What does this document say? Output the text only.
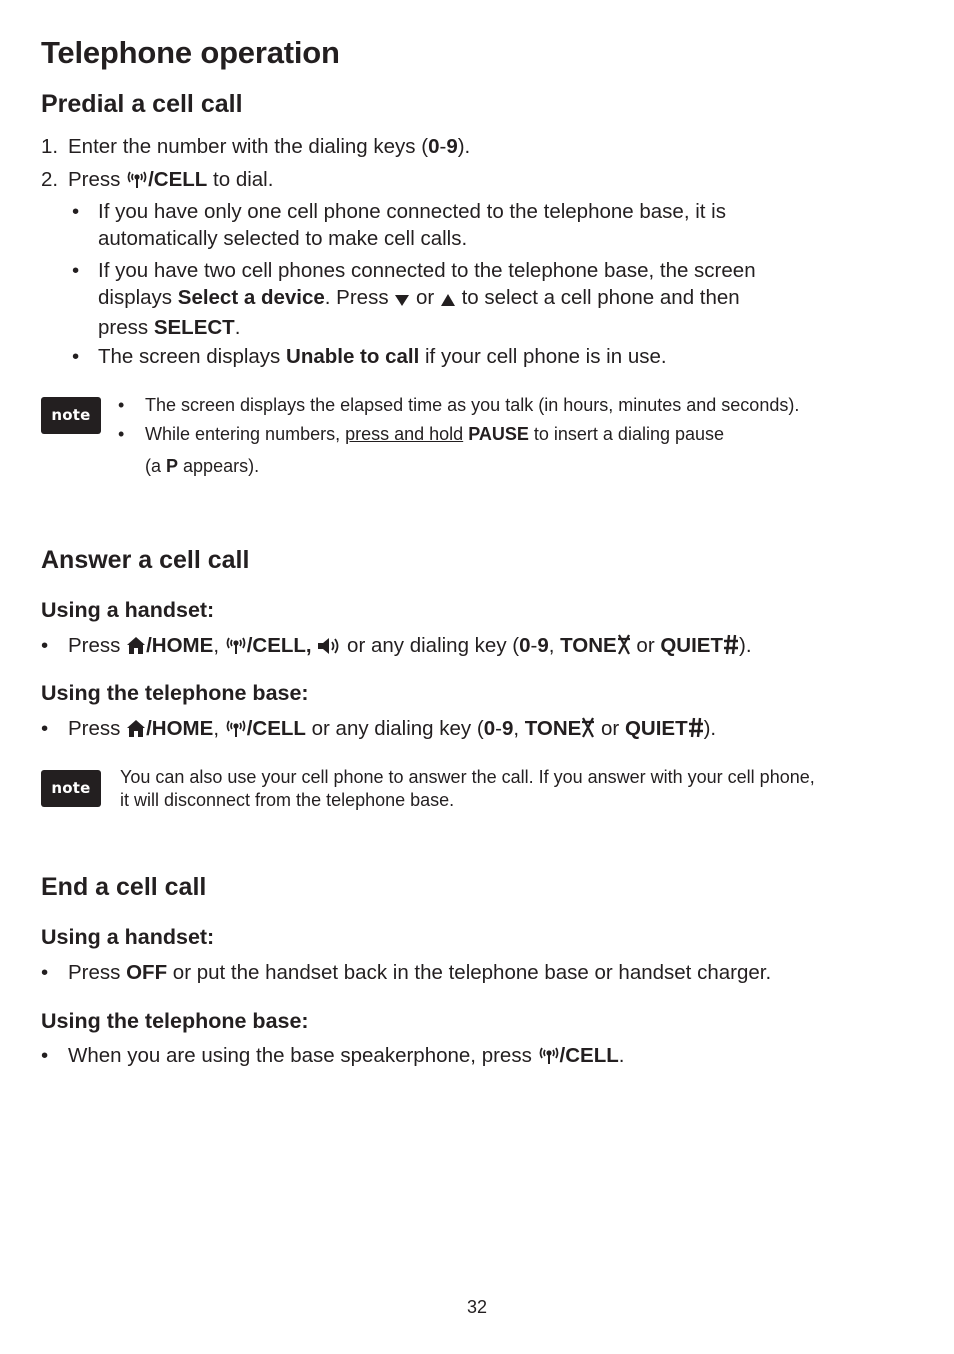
Telephone operation
Predial a cell call
1. Enter the number with the dialing keys (0-9).
2. Press /CELL to dial.
• If you have only one cell phone connected to the telephone base, it is
automatically selected to make cell calls.
• If you have two cell phones connected to the telephone base, the screen
displays Select a device. Press  or  to select a cell phone and then
press SELECT.
• The screen displays Unable to call if your cell phone is in use.
note	• The screen displays the elapsed time as you talk (in hours, minutes and seconds).
• While entering numbers, press and hold PAUSE to insert a dialing pause
(a P appears).
Answer a cell call
Using a handset:
• Press /HOME, /CELL,  or any dialing key (0-9, TONE or QUIET ).
Using the telephone base:
• Press /HOME, /CELL or any dialing key (0-9, TONE or QUIET ).
note
You can also use your cell phone to answer the call. If you answer with your cell phone,
it will disconnect from the telephone base.
End a cell call
Using a handset:
• Press OFF or put the handset back in the telephone base or handset charger.
Using the telephone base:
• When you are using the base speakerphone, press /CELL.
32
